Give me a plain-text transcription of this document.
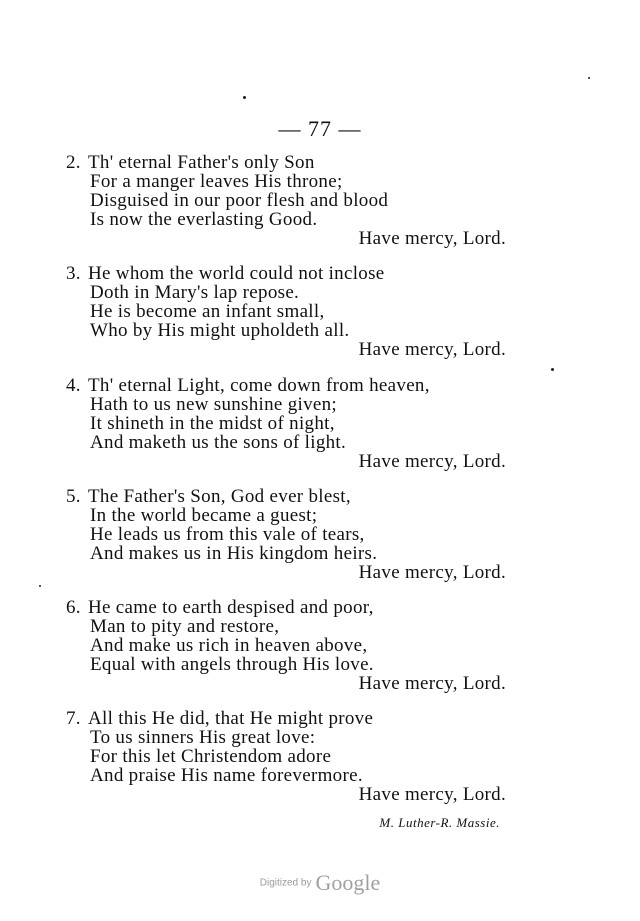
— 77 —
2. Th' eternal Father's only Son
For a manger leaves His throne;
Disguised in our poor flesh and blood
Is now the everlasting Good.
Have mercy, Lord.
3. He whom the world could not inclose
Doth in Mary's lap repose.
He is become an infant small,
Who by His might upholdeth all.
Have mercy, Lord.
4. Th' eternal Light, come down from heaven,
Hath to us new sunshine given;
It shineth in the midst of night,
And maketh us the sons of light.
Have mercy, Lord.
5. The Father's Son, God ever blest,
In the world became a guest;
He leads us from this vale of tears,
And makes us in His kingdom heirs.
Have mercy, Lord.
6. He came to earth despised and poor,
Man to pity and restore,
And make us rich in heaven above,
Equal with angels through His love.
Have mercy, Lord.
7. All this He did, that He might prove
To us sinners His great love:
For this let Christendom adore
And praise His name forevermore.
Have mercy, Lord.
M. Luther-R. Massie.
Digitized by Google
